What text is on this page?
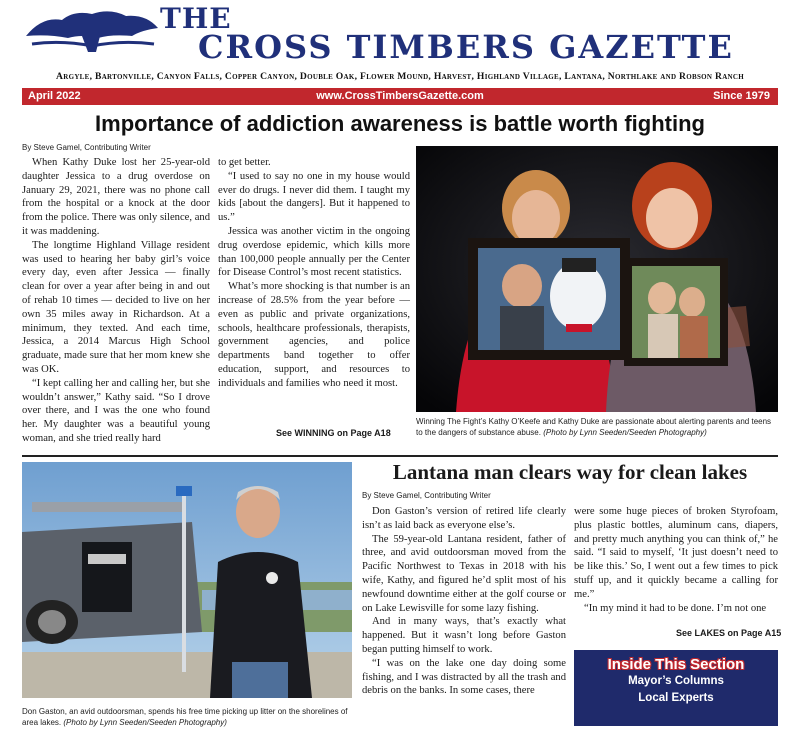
THE
CROSS TIMBERS GAZETTE
Argyle, Bartonville, Canyon Falls, Copper Canyon, Double Oak, Flower Mound, Harvest, Highland Village, Lantana, Northlake and Robson Ranch
April 2022	www.CrossTimbersGazette.com	Since 1979
Importance of addiction awareness is battle worth fighting
By Steve Gamel, Contributing Writer

When Kathy Duke lost her 25-year-old daughter Jessica to a drug overdose on January 29, 2021, there was no phone call from the hospital or a knock at the door from the police. There was only silence, and it was maddening.

The longtime Highland Village resident was used to hearing her baby girl’s voice every day, even after Jessica — finally clean for over a year after being in and out of rehab 10 times — decided to live on her own 35 miles away in Richardson. At a minimum, they texted. And each time, Jessica, a 2014 Marcus High School graduate, made sure that her mom knew she was OK.

“I kept calling her and calling her, but she wouldn’t answer,” Kathy said. “So I drove over there, and I was the one who found her. My daughter was a beautiful young woman, and she tried really hard

to get better.

“I used to say no one in my house would ever do drugs. I never did them. I taught my kids [about the dangers]. But it happened to us.”

Jessica was another victim in the ongoing drug overdose epidemic, which kills more than 100,000 people annually per the Center for Disease Control’s most recent statistics.

What’s more shocking is that number is an increase of 28.5% from the year before — even as public and private organizations, schools, healthcare professionals, therapists, government agencies, and police departments band together to offer education, support, and resources to individuals and families who need it most.

See WINNING on Page A18
Winning The Fight’s Kathy O’Keefe and Kathy Duke are passionate about alerting parents and teens to the dangers of substance abuse. (Photo by Lynn Seeden/Seeden Photography)
Don Gaston, an avid outdoorsman, spends his free time picking up litter on the shorelines of area lakes. (Photo by Lynn Seeden/Seeden Photography)
Lantana man clears way for clean lakes
By Steve Gamel, Contributing Writer

Don Gaston’s version of retired life clearly isn’t as laid back as everyone else’s.

The 59-year-old Lantana resident, father of three, and avid outdoorsman moved from the Pacific Northwest to Texas in 2018 with his wife, Kathy, and figured he’d split most of his newfound downtime either at the golf course or on Lake Lewisville for some lazy fishing.

And in many ways, that’s exactly what happened. But it wasn’t long before Gaston began putting himself to work.

“I was on the lake one day doing some fishing, and I was distracted by all the trash and debris on the banks. In some cases, there

were some huge pieces of broken Styrofoam, plus plastic bottles, aluminum cans, diapers, and pretty much anything you can think of,” he said. “I said to myself, ‘It just doesn’t need to be like this.’ So, I went out a few times to pick stuff up, and it quickly became a calling for me.”

“In my mind it had to be done. I’m not one

See LAKES on Page A15
Inside This Section
Mayor’s Columns
Local Experts
